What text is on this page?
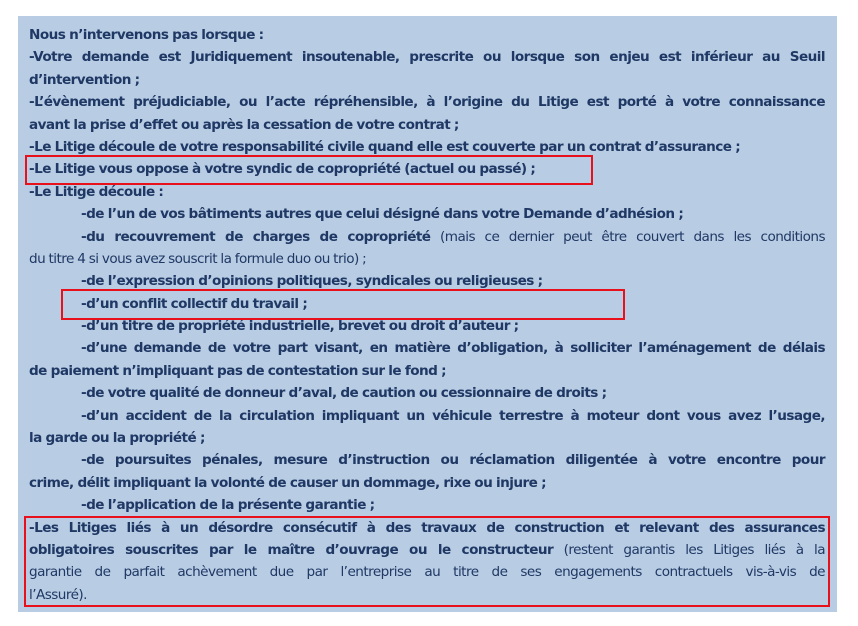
Nous n’intervenons pas lorsque :
-Votre demande est Juridiquement insoutenable, prescrite ou lorsque son enjeu est inférieur au Seuil
d’intervention ;
-L’évènement préjudiciable, ou l’acte répréhensible, à l’origine du Litige est porté à votre connaissance
avant la prise d’effet ou après la cessation de votre contrat ;
-Le Litige découle de votre responsabilité civile quand elle est couverte par un contrat d’assurance ;
-Le Litige vous oppose à votre syndic de copropriété (actuel ou passé) ;
-Le Litige découle :
-de l’un de vos bâtiments autres que celui désigné dans votre Demande d’adhésion ;
-du recouvrement de charges de copropriété (mais ce dernier peut être couvert dans les conditions
du titre 4 si vous avez souscrit la formule duo ou trio) ;
-de l’expression d’opinions politiques, syndicales ou religieuses ;
-d’un conflit collectif du travail ;
-d’un titre de propriété industrielle, brevet ou droit d’auteur ;
-d’une demande de votre part visant, en matière d’obligation, à solliciter l’aménagement de délais
de paiement n’impliquant pas de contestation sur le fond ;
-de votre qualité de donneur d’aval, de caution ou cessionnaire de droits ;
-d’un accident de la circulation impliquant un véhicule terrestre à moteur dont vous avez l’usage,
la garde ou la propriété ;
-de poursuites pénales, mesure d’instruction ou réclamation diligentée à votre encontre pour
crime, délit impliquant la volonté de causer un dommage, rixe ou injure ;
-de l’application de la présente garantie ;
-Les Litiges liés à un désordre consécutif à des travaux de construction et relevant des assurances
obligatoires souscrites par le maître d’ouvrage ou le constructeur (restent garantis les Litiges liés à la
garantie de parfait achèvement due par l’entreprise au titre de ses engagements contractuels vis-à-vis de
l’Assuré).
